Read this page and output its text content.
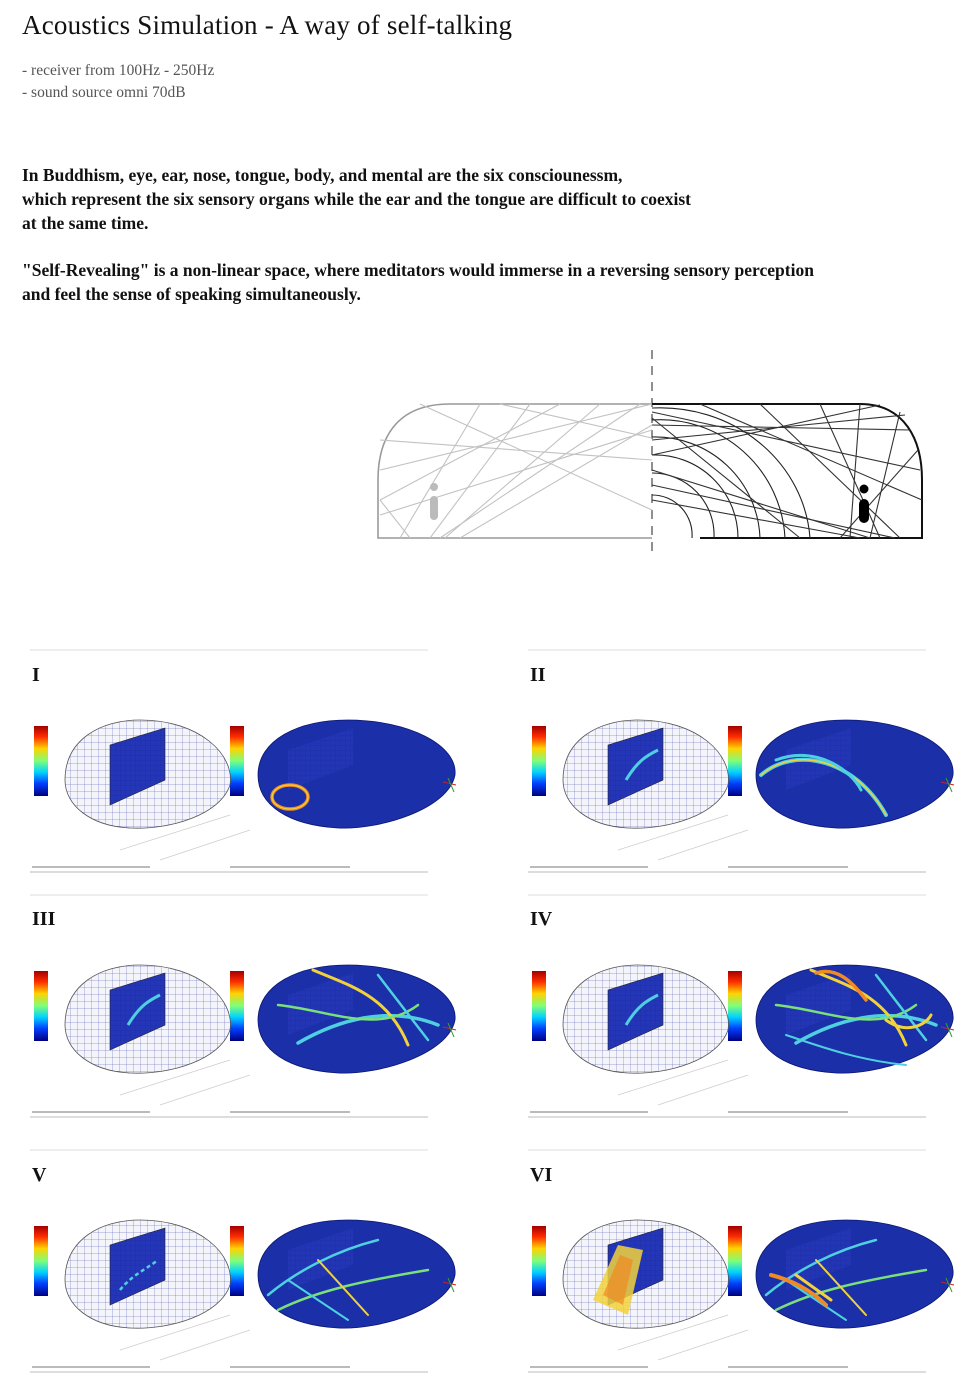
Acoustics Simulation - A way of self-talking

- receiver from 100Hz - 250Hz

- sound source omni 70dB

In Buddhism, eye, ear, nose, tongue, body, and mental are the six consciounessm,

which represent the six sensory organs while the ear and the tongue are difficult to coexist

at the same time.

"Self-Revealing" is a non-linear space, where meditators would immerse in a reversing sensory perception

and feel the sense of speaking simultaneously.

I	II
III	IV
V	VI
